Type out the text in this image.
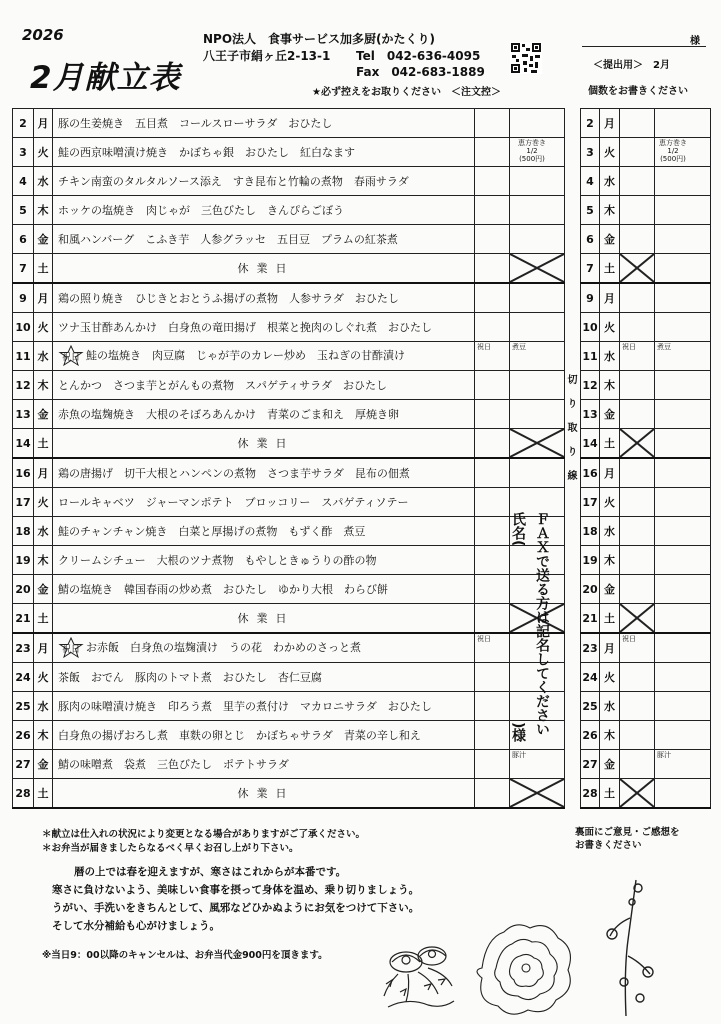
2026
2月献立表
NPO法人　食事サービス加多厨(かたくり)
八王子市絹ヶ丘2-13-1 Tel　042-636-4095
Fax　042-683-1889
★必ず控えをお取りください　＜注文控＞
様
＜提出用＞　2月
個数をお書きください
2	月	豚の生姜焼き　五目煮　コールスローサラダ　おひたし		
3	火	鮭の西京味噌漬け焼き　かぼちゃ銀　おひたし　紅白なます		恵方巻き
1/2
(500円)

4	水	チキン南蛮のタルタルソース添え　すき昆布と竹輪の煮物　春雨サラダ		
5	木	ホッケの塩焼き　肉じゃが　三色びたし　きんぴらごぼう		
6	金	和風ハンバーグ　こふき芋　人参グラッセ　五目豆　プラムの紅茶煮		
7	土	休業日		

9	月	鶏の照り焼き　ひじきとおとうふ揚げの煮物　人参サラダ　おひたし		
10	火	ツナ玉甘酢あんかけ　白身魚の竜田揚げ　根菜と挽肉のしぐれ煮　おひたし		
11	水	祝日 鮭の塩焼き　肉豆腐　じゃが芋のカレー炒め　玉ねぎの甘酢漬け	祝日	煮豆

12	木	とんかつ　さつま芋とがんもの煮物　スパゲティサラダ　おひたし		
13	金	赤魚の塩麹焼き　大根のそぼろあんかけ　青菜のごま和え　厚焼き卵		
14	土	休業日		

16	月	鶏の唐揚げ　切干大根とハンペンの煮物　さつま芋サラダ　昆布の佃煮		
17	火	ロールキャベツ　ジャーマンポテト　ブロッコリー　スパゲティソテー		
18	水	鮭のチャンチャン焼き　白菜と厚揚げの煮物　もずく酢　煮豆		
19	木	クリームシチュー　大根のツナ煮物　もやしときゅうりの酢の物		
20	金	鯖の塩焼き　韓国春雨の炒め煮　おひたし　ゆかり大根　わらび餅		
21	土	休業日		

23	月	祝日 お赤飯　白身魚の塩麹漬け　うの花　わかめのさっと煮	祝日	

24	火	茶飯　おでん　豚肉のトマト煮　おひたし　杏仁豆腐		
25	水	豚肉の味噌漬け焼き　印ろう煮　里芋の煮付け　マカロニサラダ　おひたし		
26	木	白身魚の揚げおろし煮　車麩の卵とじ　かぼちゃサラダ　青菜の辛し和え		
27	金	鯖の味噌煮　袋煮　三色びたし　ポテトサラダ		豚汁

28	土	休業日		
2	月		
3	火		恵方巻き
1/2
(500円)

4	水		
5	木		
6	金		
7	土	

9	月		
10	火		
11	水	祝日	煮豆

12	木		
13	金		
14	土	

16	月		
17	火		
18	水		
19	木		
20	金		
21	土	

23	月	祝日	

24	火		
25	水		
26	木		
27	金		豚汁

28	土	

切り取り線
ＦＡＸで送る方は記名してください
氏名(
)様
＊献立は仕入れの状況により変更となる場合がありますがご了承ください。
＊お弁当が届きましたらなるべく早くお召し上がり下さい。
裏面にご意見・ご感想を
お書きください
暦の上では春を迎えますが、寒さはこれからが本番です。
寒さに負けないよう、美味しい食事を摂って身体を温め、乗り切りましょう。
うがい、手洗いをきちんとして、風邪などひかぬようにお気をつけて下さい。
そして水分補給も心がけましょう。
※当日9：00以降のキャンセルは、お弁当代金900円を頂きます。
